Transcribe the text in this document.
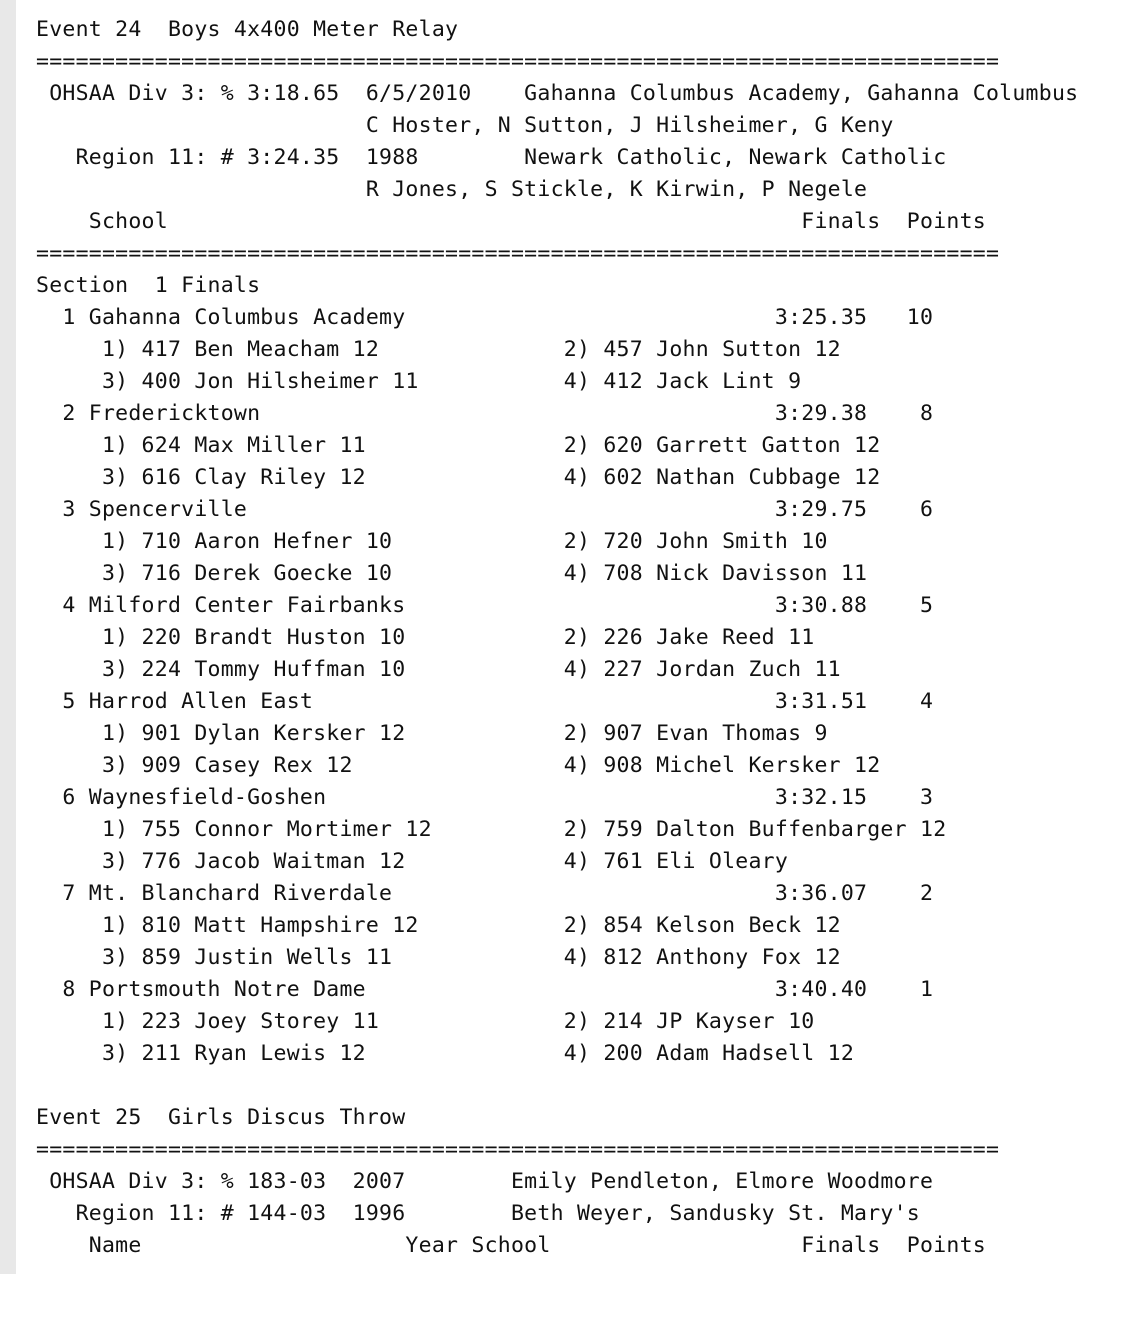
Event 24  Boys 4x400 Meter Relay
=========================================================================
OHSAA Div 3: % 3:18.65  6/5/2010    Gahanna Columbus Academy, Gahanna Columbus
C Hoster, N Sutton, J Hilsheimer, G Keny
Region 11: # 3:24.35  1988        Newark Catholic, Newark Catholic
R Jones, S Stickle, K Kirwin, P Negele
School                                                Finals  Points
=========================================================================
Section  1 Finals
1 Gahanna Columbus Academy                            3:25.35   10
1) 417 Ben Meacham 12              2) 457 John Sutton 12
3) 400 Jon Hilsheimer 11           4) 412 Jack Lint 9
2 Fredericktown                                       3:29.38    8
1) 624 Max Miller 11               2) 620 Garrett Gatton 12
3) 616 Clay Riley 12               4) 602 Nathan Cubbage 12
3 Spencerville                                        3:29.75    6
1) 710 Aaron Hefner 10             2) 720 John Smith 10
3) 716 Derek Goecke 10             4) 708 Nick Davisson 11
4 Milford Center Fairbanks                            3:30.88    5
1) 220 Brandt Huston 10            2) 226 Jake Reed 11
3) 224 Tommy Huffman 10            4) 227 Jordan Zuch 11
5 Harrod Allen East                                   3:31.51    4
1) 901 Dylan Kersker 12            2) 907 Evan Thomas 9
3) 909 Casey Rex 12                4) 908 Michel Kersker 12
6 Waynesfield-Goshen                                  3:32.15    3
1) 755 Connor Mortimer 12          2) 759 Dalton Buffenbarger 12
3) 776 Jacob Waitman 12            4) 761 Eli Oleary
7 Mt. Blanchard Riverdale                             3:36.07    2
1) 810 Matt Hampshire 12           2) 854 Kelson Beck 12
3) 859 Justin Wells 11             4) 812 Anthony Fox 12
8 Portsmouth Notre Dame                               3:40.40    1
1) 223 Joey Storey 11              2) 214 JP Kayser 10
3) 211 Ryan Lewis 12               4) 200 Adam Hadsell 12

Event 25  Girls Discus Throw
=========================================================================
OHSAA Div 3: % 183-03  2007        Emily Pendleton, Elmore Woodmore
Region 11: # 144-03  1996        Beth Weyer, Sandusky St. Mary's
Name                    Year School                   Finals  Points
